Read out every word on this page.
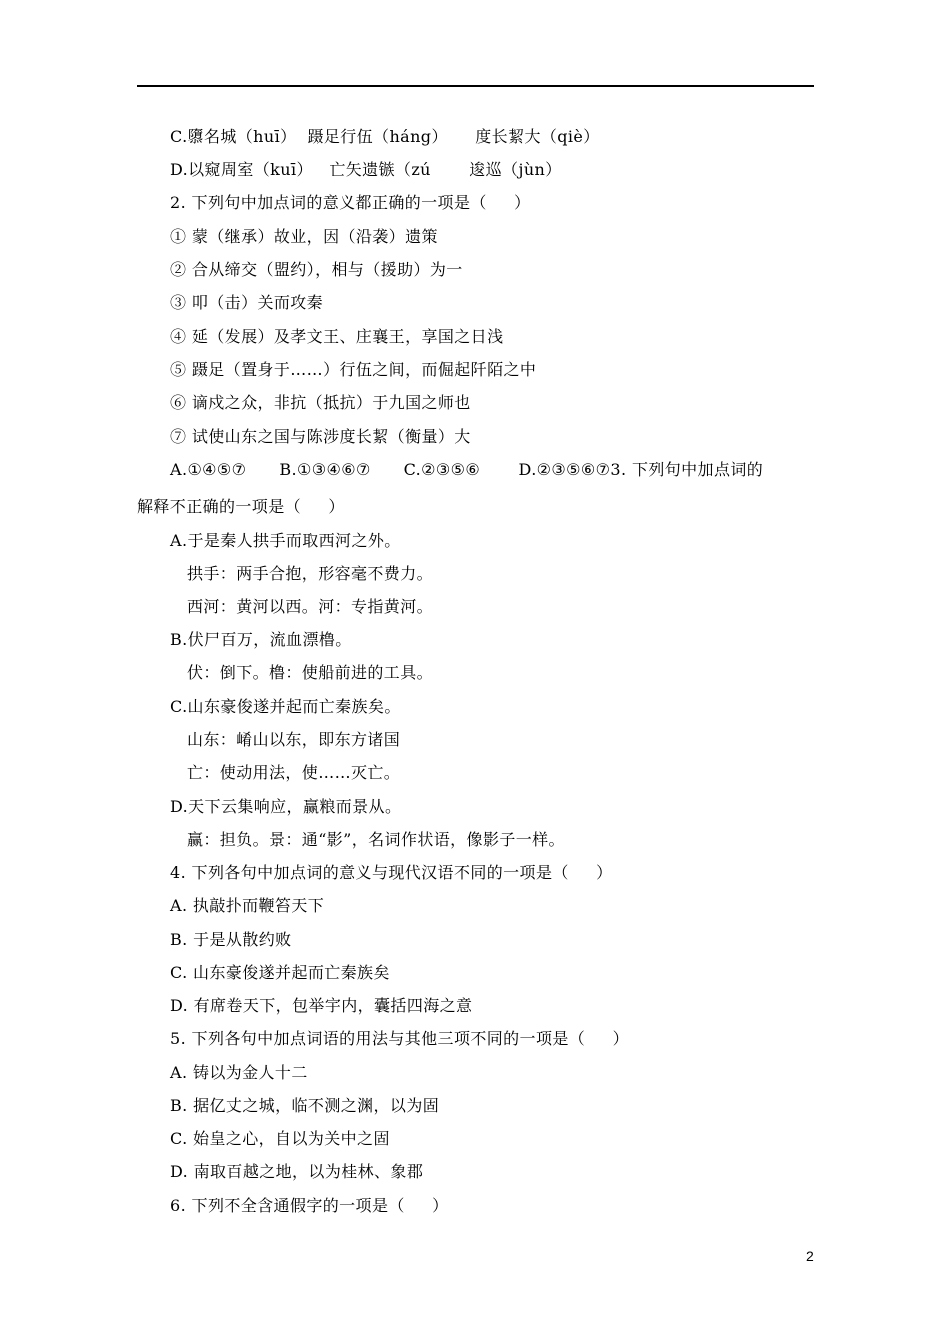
C.隳名城（huī）  蹑足行伍（háng）     度长絜大（qiè）
D.以窥周室（kuī）   亡矢遗镞（zú       逡巡（jùn）
2. 下列句中加点词的意义都正确的一项是（     ）
① 蒙（继承）故业，因（沿袭）遗策
② 合从缔交（盟约），相与（援助）为一
③ 叩（击）关而攻秦
④ 延（发展）及孝文王、庄襄王，享国之日浅
⑤ 蹑足（置身于……）行伍之间，而倔起阡陌之中
⑥ 谪戍之众，非抗（抵抗）于九国之师也
⑦ 试使山东之国与陈涉度长絜（衡量）大
A.①④⑤⑦      B.①③④⑥⑦      C.②③⑤⑥       D.②③⑤⑥⑦3. 下列句中加点词的
解释不正确的一项是（     ）
A.于是秦人拱手而取西河之外。
拱手：两手合抱，形容毫不费力。
西河：黄河以西。河：专指黄河。
B.伏尸百万，流血漂橹。
伏：倒下。橹：使船前进的工具。
C.山东豪俊遂并起而亡秦族矣。
山东：崤山以东，即东方诸国
亡：使动用法，使……灭亡。
D.天下云集响应，赢粮而景从。
赢：担负。景：通“影”，名词作状语，像影子一样。
4. 下列各句中加点词的意义与现代汉语不同的一项是（     ）
A. 执敲扑而鞭笞天下
B. 于是从散约败
C. 山东豪俊遂并起而亡秦族矣
D. 有席卷天下，包举宇内，囊括四海之意
5. 下列各句中加点词语的用法与其他三项不同的一项是（     ）
A. 铸以为金人十二
B. 据亿丈之城，临不测之渊，以为固
C. 始皇之心，自以为关中之固
D. 南取百越之地，以为桂林、象郡
6. 下列不全含通假字的一项是（     ）
2
